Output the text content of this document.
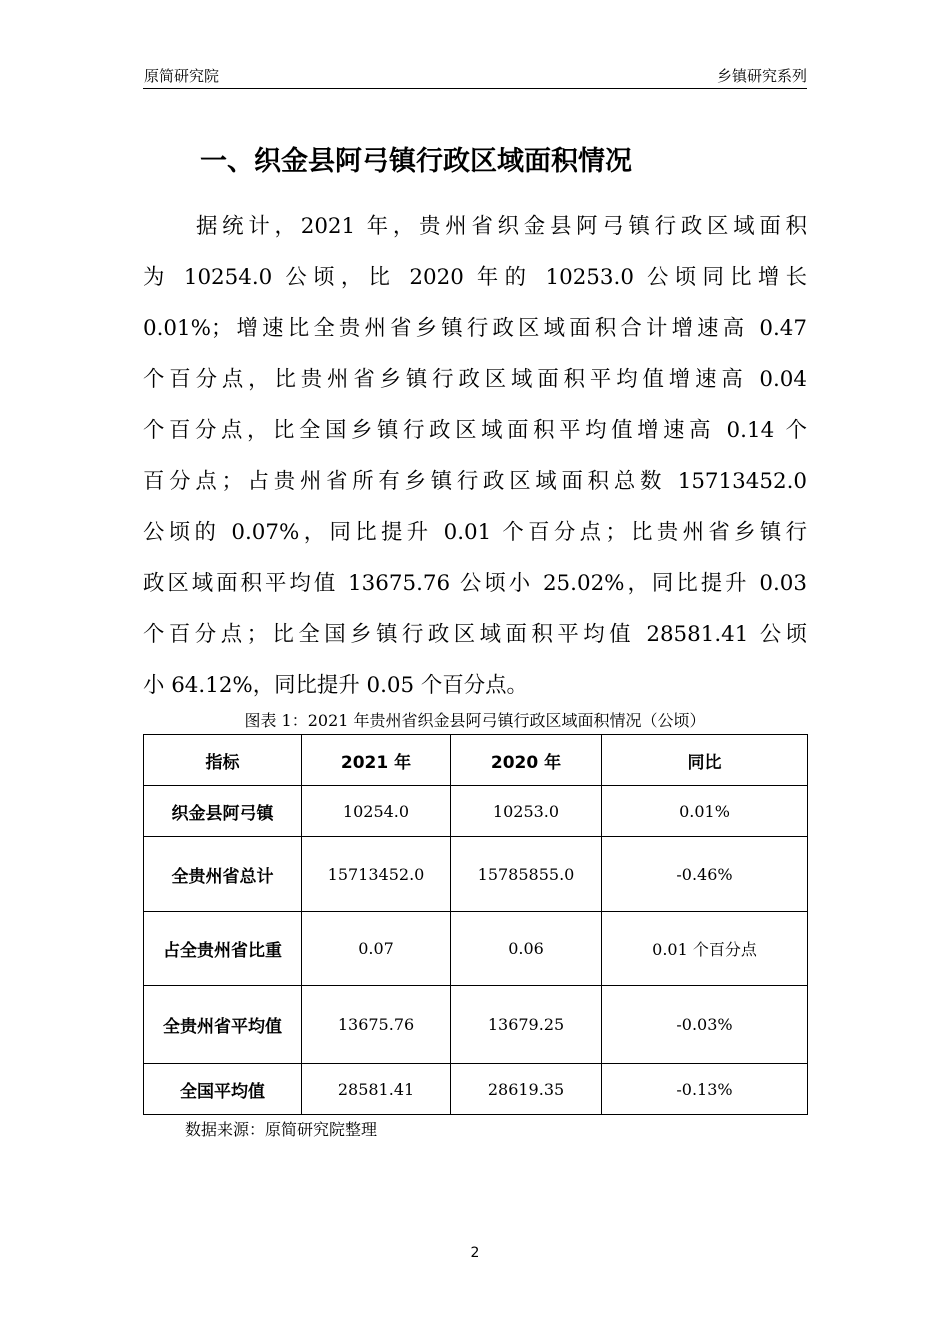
原简研究院	乡镇研究系列
一、织金县阿弓镇行政区域面积情况
据统计，2021 年，贵州省织金县阿弓镇行政区域面积
为 10254.0 公顷，比 2020 年的 10253.0 公顷同比增长
0.01%；增速比全贵州省乡镇行政区域面积合计增速高 0.47
个百分点，比贵州省乡镇行政区域面积平均值增速高 0.04
个百分点，比全国乡镇行政区域面积平均值增速高 0.14 个
百分点；占贵州省所有乡镇行政区域面积总数 15713452.0
公顷的 0.07%，同比提升 0.01 个百分点；比贵州省乡镇行
政区域面积平均值 13675.76 公顷小 25.02%，同比提升 0.03
个百分点；比全国乡镇行政区域面积平均值 28581.41 公顷
小 64.12%，同比提升 0.05 个百分点。
图表 1：2021 年贵州省织金县阿弓镇行政区域面积情况（公顷）
指标	2021 年	2020 年	同比
织金县阿弓镇	10254.0	10253.0	0.01%
全贵州省总计	15713452.0	15785855.0	-0.46%
占全贵州省比重	0.07	0.06	0.01 个百分点
全贵州省平均值	13675.76	13679.25	-0.03%
全国平均值	28581.41	28619.35	-0.13%
数据来源：原简研究院整理
2
